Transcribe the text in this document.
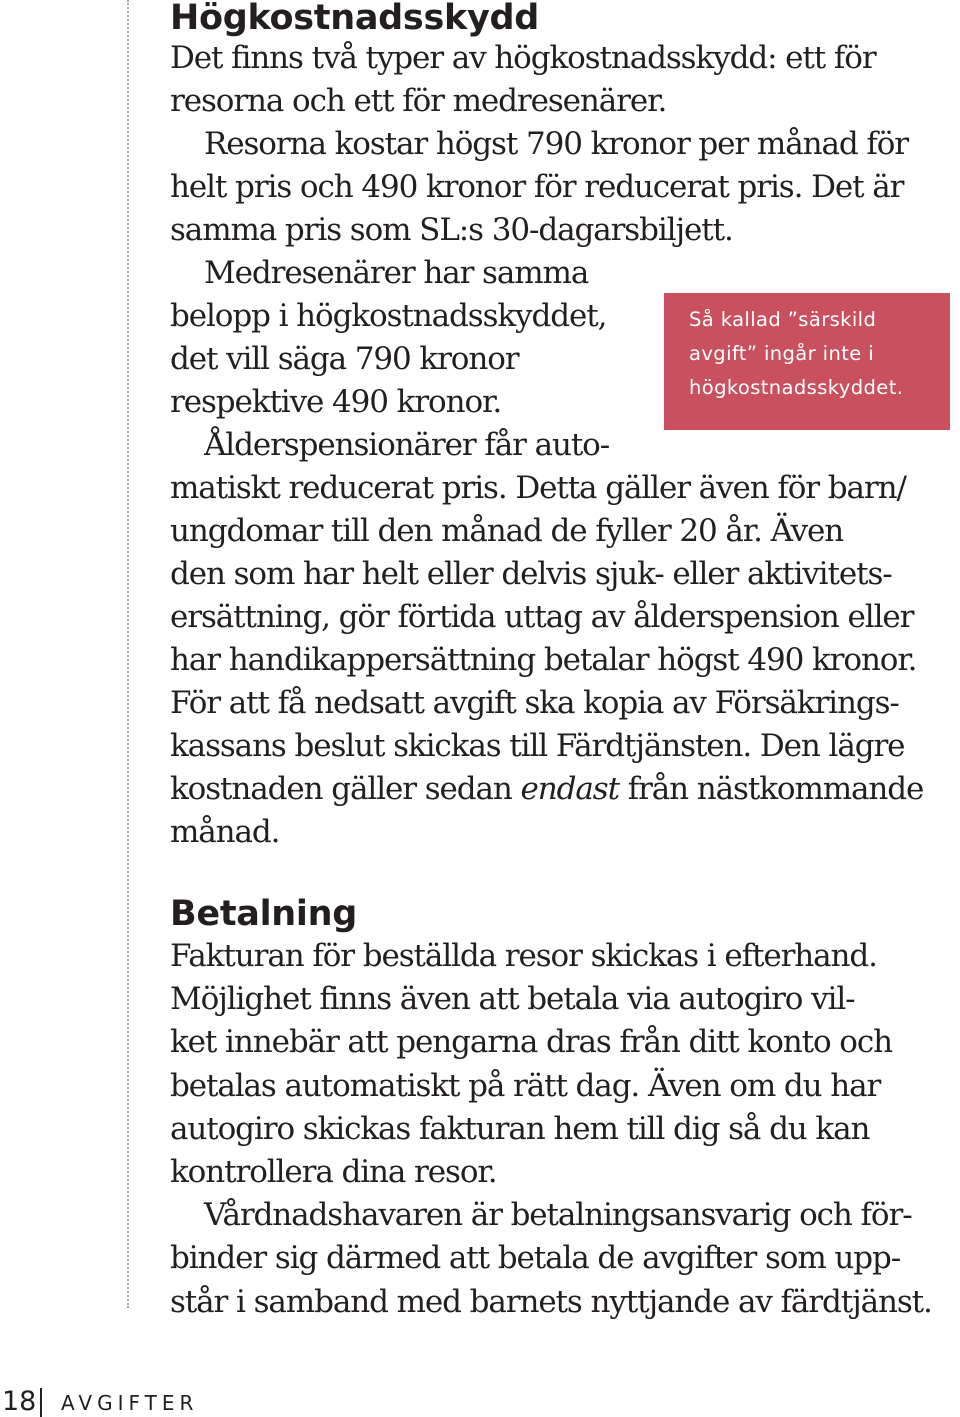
Högkostnadsskydd
Det finns två typer av högkostnadsskydd: ett för
resorna och ett för medresenärer.
Resorna kostar högst 790 kronor per månad för
helt pris och 490 kronor för reducerat pris. Det är
samma pris som SL:s 30-dagarsbiljett.
Medresenärer har samma
belopp i högkostnadsskyddet,
det vill säga 790 kronor
respektive 490 kronor.
Ålderspensionärer får auto-
matiskt reducerat pris. Detta gäller även för barn/
ungdomar till den månad de fyller 20 år. Även
den som har helt eller delvis sjuk- eller aktivitets-
ersättning, gör förtida uttag av ålderspension eller
har handikappersättning betalar högst 490 kronor.
För att få nedsatt avgift ska kopia av Försäkrings-
kassans beslut skickas till Färdtjänsten. Den lägre
kostnaden gäller sedan endast från nästkommande
månad.
Så kallad ”särskild
avgift” ingår inte i
högkostnadsskyddet.
Betalning
Fakturan för beställda resor skickas i efterhand.
Möjlighet finns även att betala via autogiro vil-
ket innebär att pengarna dras från ditt konto och
betalas automatiskt på rätt dag. Även om du har
autogiro skickas fakturan hem till dig så du kan
kontrollera dina resor.
Vårdnadshavaren är betalningsansvarig och för-
binder sig därmed att betala de avgifter som upp-
står i samband med barnets nyttjande av färdtjänst.
18 AVGIFTER
